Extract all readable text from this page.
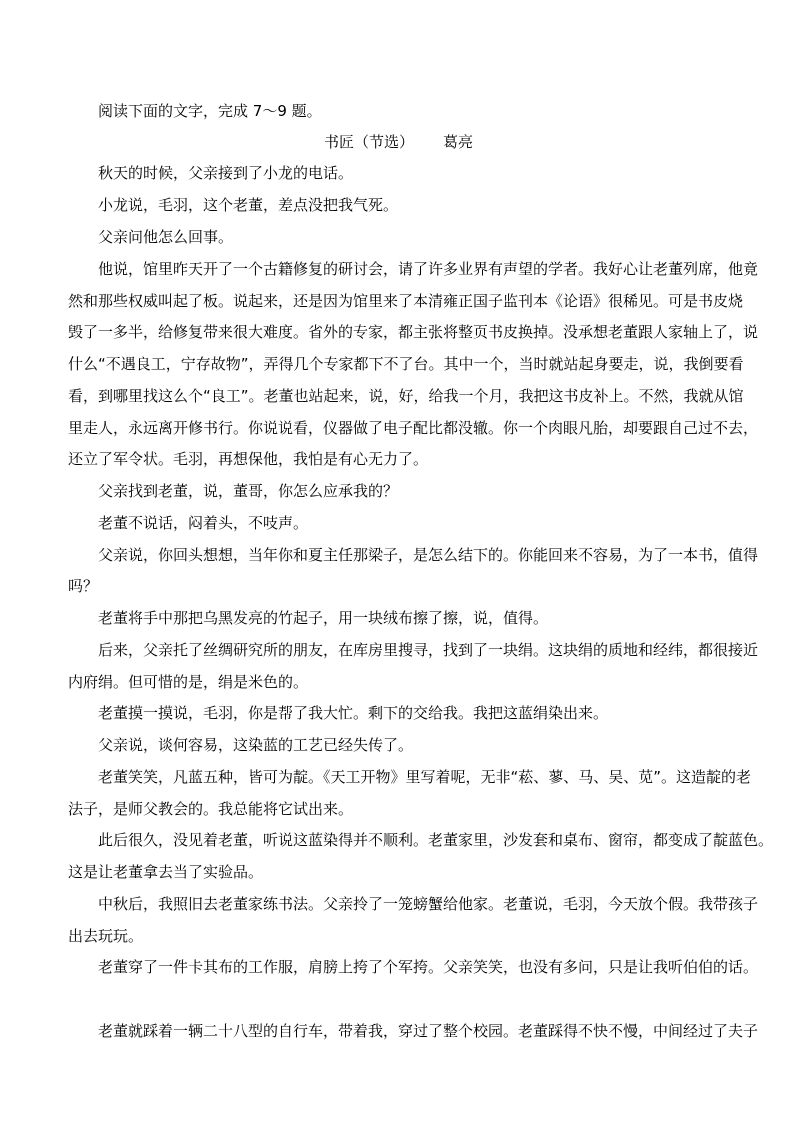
阅读下面的文字，完成 7～9 题。
书匠（节选） 葛亮
秋天的时候，父亲接到了小龙的电话。
小龙说，毛羽，这个老董，差点没把我气死。
父亲问他怎么回事。
他说，馆里昨天开了一个古籍修复的研讨会，请了许多业界有声望的学者。我好心让老董列席，他竟
然和那些权威叫起了板。说起来，还是因为馆里来了本清雍正国子监刊本《论语》很稀见。可是书皮烧
毁了一多半，给修复带来很大难度。省外的专家，都主张将整页书皮换掉。没承想老董跟人家轴上了，说
什么“不遇良工，宁存故物”，弄得几个专家都下不了台。其中一个，当时就站起身要走，说，我倒要看
看，到哪里找这么个“良工”。老董也站起来，说，好，给我一个月，我把这书皮补上。不然，我就从馆
里走人，永远离开修书行。你说说看，仪器做了电子配比都没辙。你一个肉眼凡胎，却要跟自己过不去，
还立了军令状。毛羽，再想保他，我怕是有心无力了。
父亲找到老董，说，董哥，你怎么应承我的？
老董不说话，闷着头，不吱声。
父亲说，你回头想想，当年你和夏主任那梁子，是怎么结下的。你能回来不容易，为了一本书，值得
吗？
老董将手中那把乌黑发亮的竹起子，用一块绒布擦了擦，说，值得。
后来，父亲托了丝绸研究所的朋友，在库房里搜寻，找到了一块绢。这块绢的质地和经纬，都很接近
内府绢。但可惜的是，绢是米色的。
老董摸一摸说，毛羽，你是帮了我大忙。剩下的交给我。我把这蓝绢染出来。
父亲说，谈何容易，这染蓝的工艺已经失传了。
老董笑笑，凡蓝五种，皆可为靛。《天工开物》里写着呢，无非“菘、蓼、马、吴、苋”。这造靛的老
法子，是师父教会的。我总能将它试出来。
此后很久，没见着老董，听说这蓝染得并不顺利。老董家里，沙发套和桌布、窗帘，都变成了靛蓝色。
这是让老董拿去当了实验品。
中秋后，我照旧去老董家练书法。父亲拎了一笼螃蟹给他家。老董说，毛羽，今天放个假。我带孩子
出去玩玩。
老董穿了一件卡其布的工作服，肩膀上挎了个军挎。父亲笑笑，也没有多问，只是让我听伯伯的话。
老董就踩着一辆二十八型的自行车，带着我，穿过了整个校园。老董踩得不快不慢，中间经过了夫子
